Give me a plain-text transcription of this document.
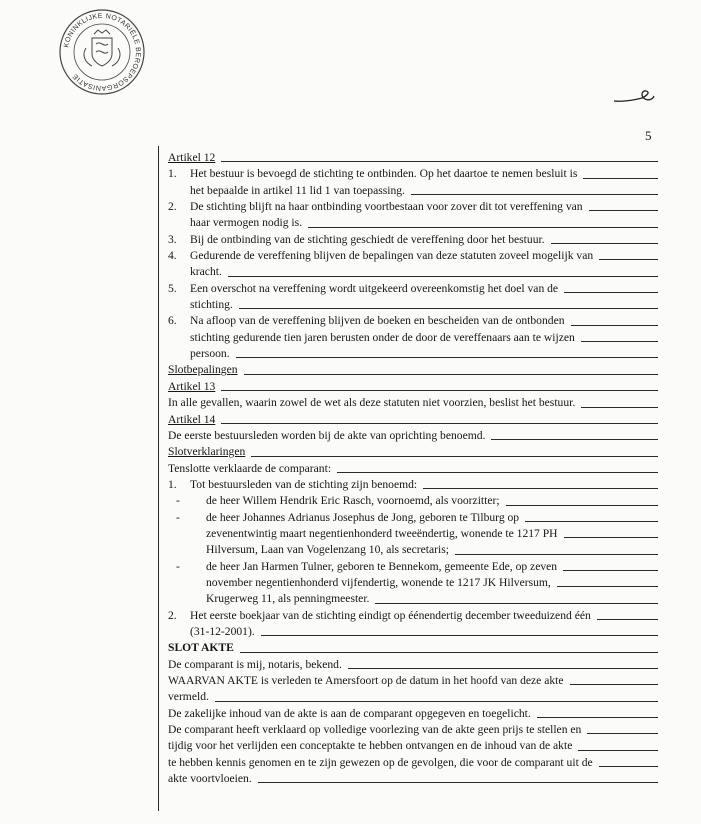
KONINKLIJKE NOTARIËLE BEROEPSORGANISATIE
5
Artikel 12
1.	Het bestuur is bevoegd de stichting te ontbinden. Op het daartoe te nemen besluit is
het bepaalde in artikel 11 lid 1 van toepassing.
2.	De stichting blijft na haar ontbinding voortbestaan voor zover dit tot vereffening van
haar vermogen nodig is.
3.	Bij de ontbinding van de stichting geschiedt de vereffening door het bestuur.
4.	Gedurende de vereffening blijven de bepalingen van deze statuten zoveel mogelijk van
kracht.
5.	Een overschot na vereffening wordt uitgekeerd overeenkomstig het doel van de
stichting.
6.	Na afloop van de vereffening blijven de boeken en bescheiden van de ontbonden
stichting gedurende tien jaren berusten onder de door de vereffenaars aan te wijzen
persoon.
Slotbepalingen
Artikel 13
In alle gevallen, waarin zowel de wet als deze statuten niet voorzien, beslist het bestuur.
Artikel 14
De eerste bestuursleden worden bij de akte van oprichting benoemd.
Slotverklaringen
Tenslotte verklaarde de comparant:
1.	Tot bestuursleden van de stichting zijn benoemd:
-	de heer Willem Hendrik Eric Rasch, voornoemd, als voorzitter;
-	de heer Johannes Adrianus Josephus de Jong, geboren te Tilburg op
zevenentwintig maart negentienhonderd tweeëndertig, wonende te 1217 PH
Hilversum, Laan van Vogelenzang 10, als secretaris;
-	de heer Jan Harmen Tulner, geboren te Bennekom, gemeente Ede, op zeven
november negentienhonderd vijfendertig, wonende te 1217 JK Hilversum,
Krugerweg 11, als penningmeester.
2.	Het eerste boekjaar van de stichting eindigt op éénendertig december tweeduizend één
(31-12-2001).
SLOT AKTE
De comparant is mij, notaris, bekend.
WAARVAN AKTE is verleden te Amersfoort op de datum in het hoofd van deze akte
vermeld.
De zakelijke inhoud van de akte is aan de comparant opgegeven en toegelicht.
De comparant heeft verklaard op volledige voorlezing van de akte geen prijs te stellen en
tijdig voor het verlijden een conceptakte te hebben ontvangen en de inhoud van de akte
te hebben kennis genomen en te zijn gewezen op de gevolgen, die voor de comparant uit de
akte voortvloeien.
